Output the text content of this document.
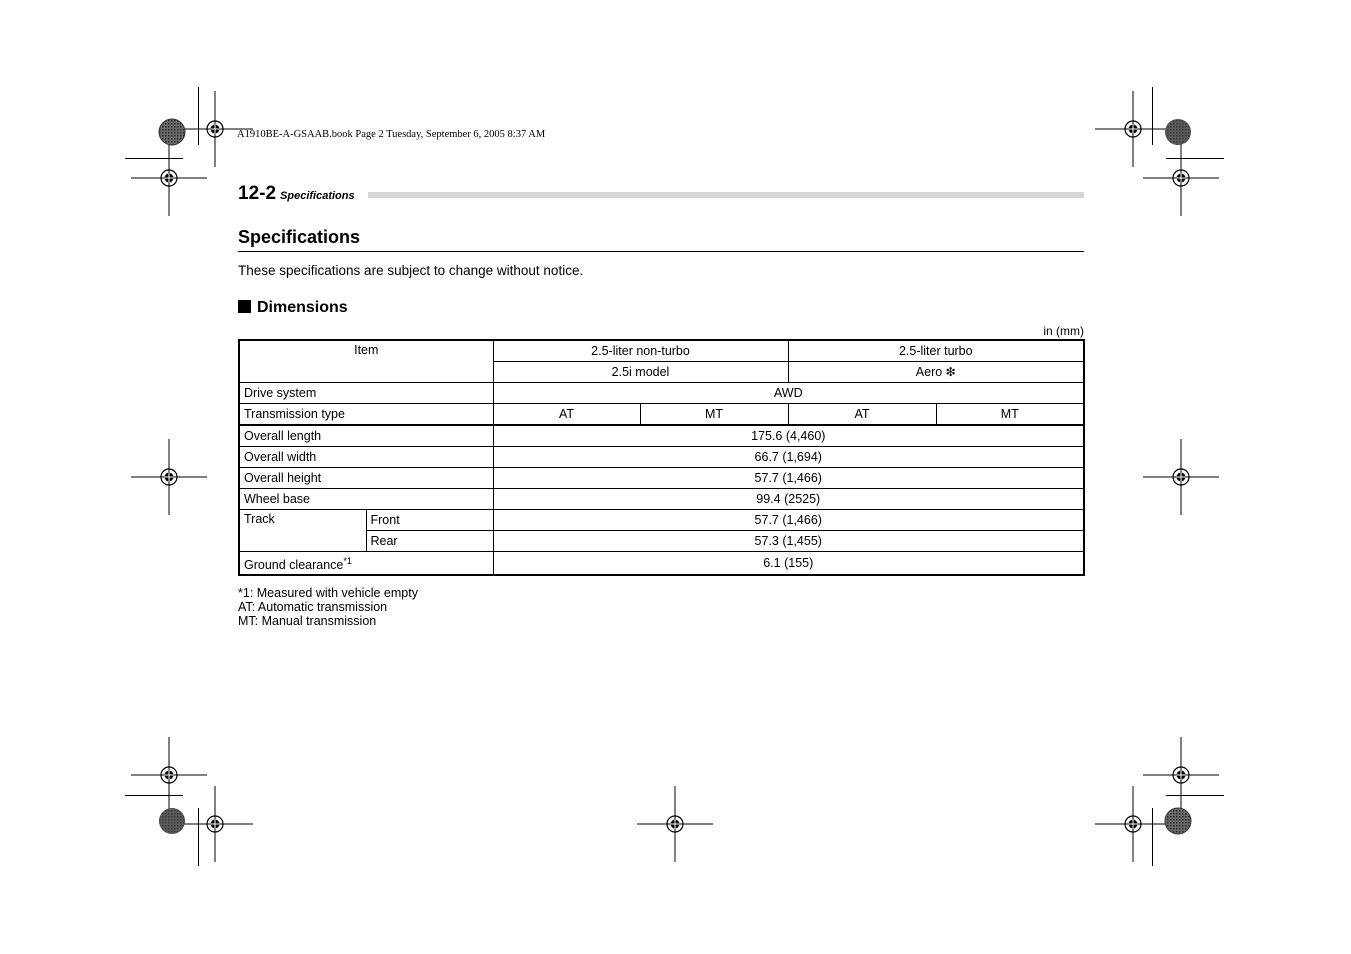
A1910BE-A-GSAAB.book Page 2 Tuesday, September 6, 2005 8:37 AM
12-2 Specifications
Specifications
These specifications are subject to change without notice.
Dimensions
in (mm)
Item		2.5-liter non-turbo		2.5-liter turbo	
		2.5i model		Aero ❇	
Drive system		AWD			
Transmission type		AT	MT	AT	MT
Overall length		175.6 (4,460)			
Overall width		66.7 (1,694)			
Overall height		57.7 (1,466)			
Wheel base		99.4 (2525)			
Track	Front	57.7 (1,466)			
	Rear	57.3 (1,455)			
Ground clearance$^{*1}$		6.1 (155)			
*1: Measured with vehicle empty
AT: Automatic transmission
MT: Manual transmission
